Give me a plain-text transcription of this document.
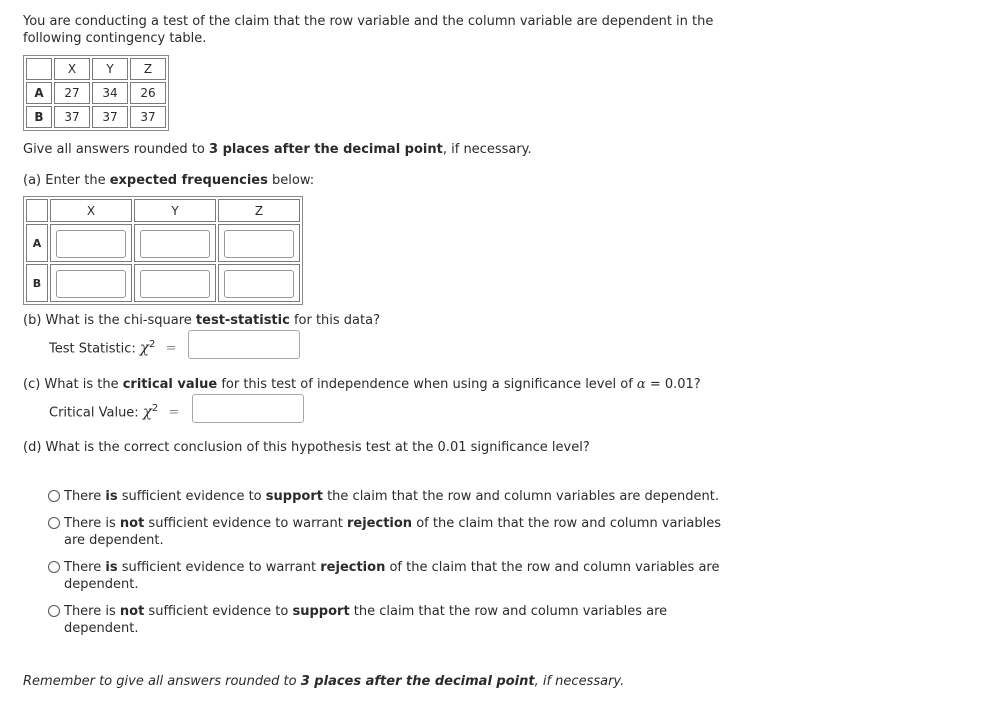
You are conducting a test of the claim that the row variable and the column variable are dependent in the following contingency table.
	X	Y	Z
A	27	34	26
B	37	37	37
Give all answers rounded to 3 places after the decimal point, if necessary.
(a) Enter the expected frequencies below:
	X	Y	Z
A			
B			
(b) What is the chi-square test-statistic for this data?
Test Statistic: $\chi^2$ =
(c) What is the critical value for this test of independence when using a significance level of α = 0.01?
Critical Value: $\chi^2$ =
(d) What is the correct conclusion of this hypothesis test at the 0.01 significance level?
There is sufficient evidence to support the claim that the row and column variables are dependent.
There is not sufficient evidence to warrant rejection of the claim that the row and column variables are dependent.
There is sufficient evidence to warrant rejection of the claim that the row and column variables are dependent.
There is not sufficient evidence to support the claim that the row and column variables are dependent.
Remember to give all answers rounded to 3 places after the decimal point, if necessary.
